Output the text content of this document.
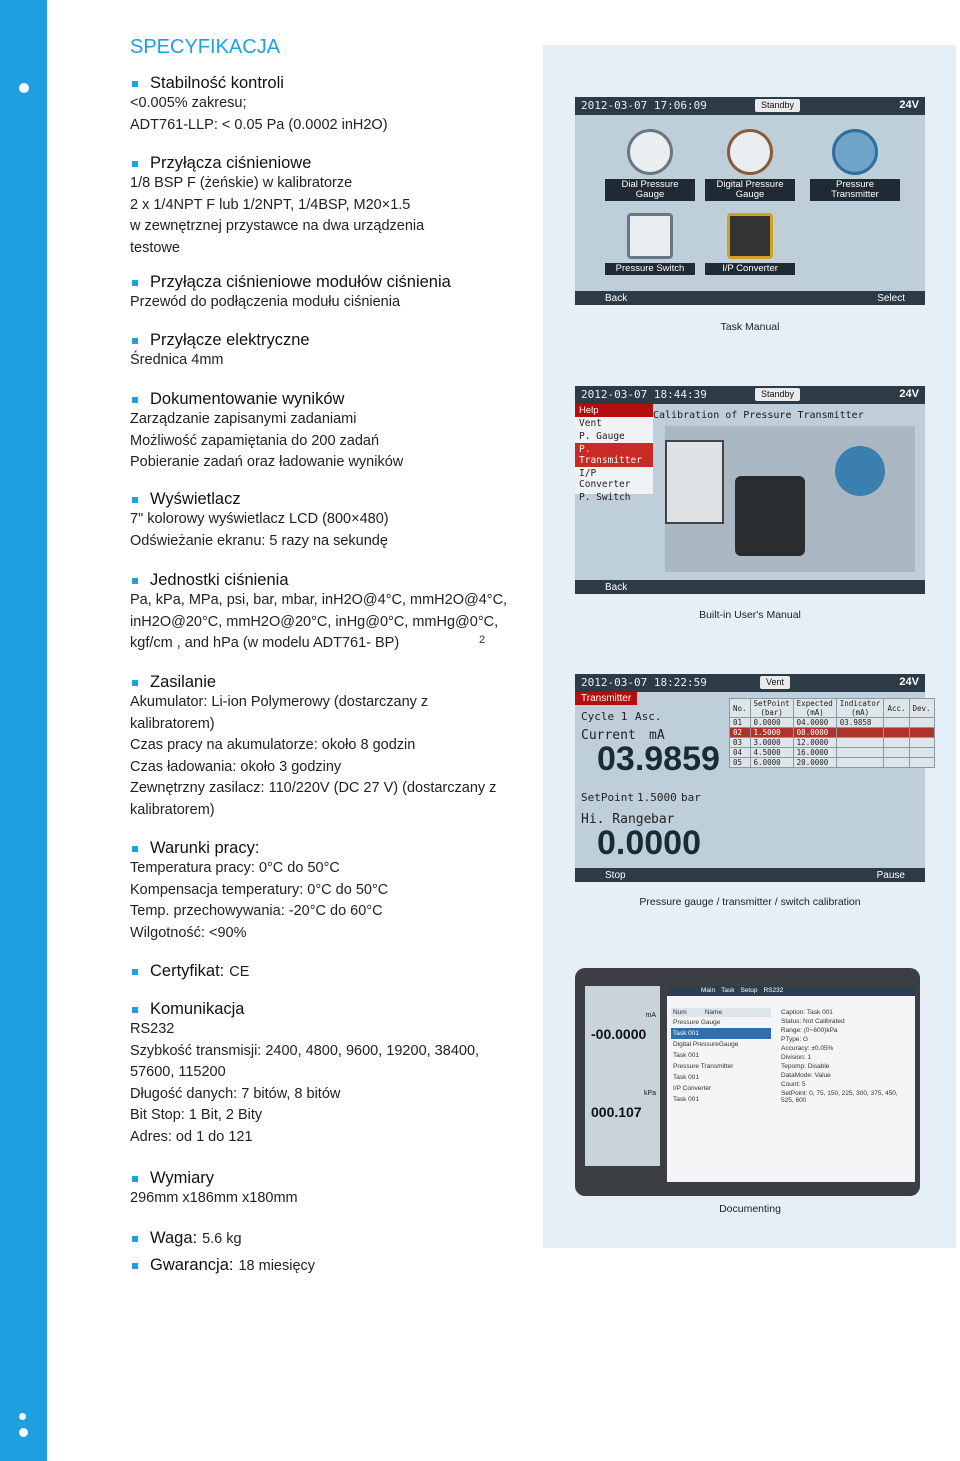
SPECYFIKACJA
Stabilność kontroli
<0.005% zakresu;
ADT761-LLP: < 0.05 Pa (0.0002 inH2O)
Przyłącza ciśnieniowe
1/8 BSP F (żeńskie) w kalibratorze
2 x 1/4NPT F lub 1/2NPT, 1/4BSP, M20×1.5
w zewnętrznej przystawce na dwa urządzenia
testowe
Przyłącza ciśnieniowe modułów ciśnienia
Przewód do podłączenia modułu ciśnienia
Przyłącze elektryczne
Średnica 4mm
Dokumentowanie wyników
Zarządzanie zapisanymi zadaniami
Możliwość zapamiętania do 200 zadań
Pobieranie zadań oraz ładowanie wyników
Wyświetlacz
7" kolorowy wyświetlacz LCD (800×480)
Odświeżanie ekranu: 5 razy na sekundę
Jednostki ciśnienia
Pa, kPa, MPa, psi, bar, mbar, inH2O@4°C, mmH2O@4°C,
inH2O@20°C, mmH2O@20°C, inHg@0°C, mmHg@0°C,
kgf/cm , and hPa (w modelu ADT761- BP)
Zasilanie
Akumulator: Li-ion Polymerowy (dostarczany z
kalibratorem)
Czas pracy na akumulatorze: około 8 godzin
Czas ładowania: około 3 godziny
Zewnętrzny zasilacz: 110/220V (DC 27 V) (dostarczany z
kalibratorem)
Warunki pracy:
Temperatura pracy: 0°C do 50°C
Kompensacja temperatury: 0°C do 50°C
Temp. przechowywania: -20°C do 60°C
Wilgotność: <90%
Certyfikat: CE
Komunikacja
RS232
Szybkość transmisji: 2400, 4800, 9600, 19200, 38400,
57600, 115200
Długość danych: 7 bitów, 8 bitów
Bit Stop: 1 Bit, 2 Bity
Adres: od 1 do 121
Wymiary
296mm x186mm x180mm
Waga: 5.6 kg
Gwarancja: 18 miesięcy
2
2012-03-07 17:06:09	Standby	24V
Dial Pressure Gauge
Digital Pressure Gauge
Pressure Transmitter
Pressure Switch	I/P Converter
Back	Select
Task Manual
2012-03-07 18:44:39	Standby	24V
Help
Vent
P. Gauge
P. Transmitter
I/P Converter
P. Switch
Calibration of Pressure Transmitter
Back
Built-in User's Manual
2012-03-07 18:22:59	Vent	24V
Transmitter
Cycle 1 Asc.
Current mA
03.9859
SetPoint 1.5000 bar
Hi. Range bar
0.0000
No.	SetPoint (bar)	Expected (mA)	Indicator (mA)	Acc.	Dev.
01	0.0000	04.0000	03.9858		
02	1.5000	08.0000			
03	3.0000	12.0000			
04	4.5000	16.0000			
05	6.0000	20.0000			
Stop	Pause
Pressure gauge / transmitter / switch calibration
-00.0000
mA
000.107
kPa
Main Task Setup RS232
Num	Name
Pressure Gauge
Task 001
Digital PressureGauge
Task 001
Pressure Transmitter
Task 001
I/P Converter
Task 001
Caption: Task 001
Status: Not Calibrated
Range: (0~600)kPa
PType: G
Accuracy: ±0.05%
Division: 1
Tepomp: Disable
DataMode: Value
Count: 5
SetPoint: 0, 75, 150, 225, 300, 375, 450, 525, 600
Documenting
